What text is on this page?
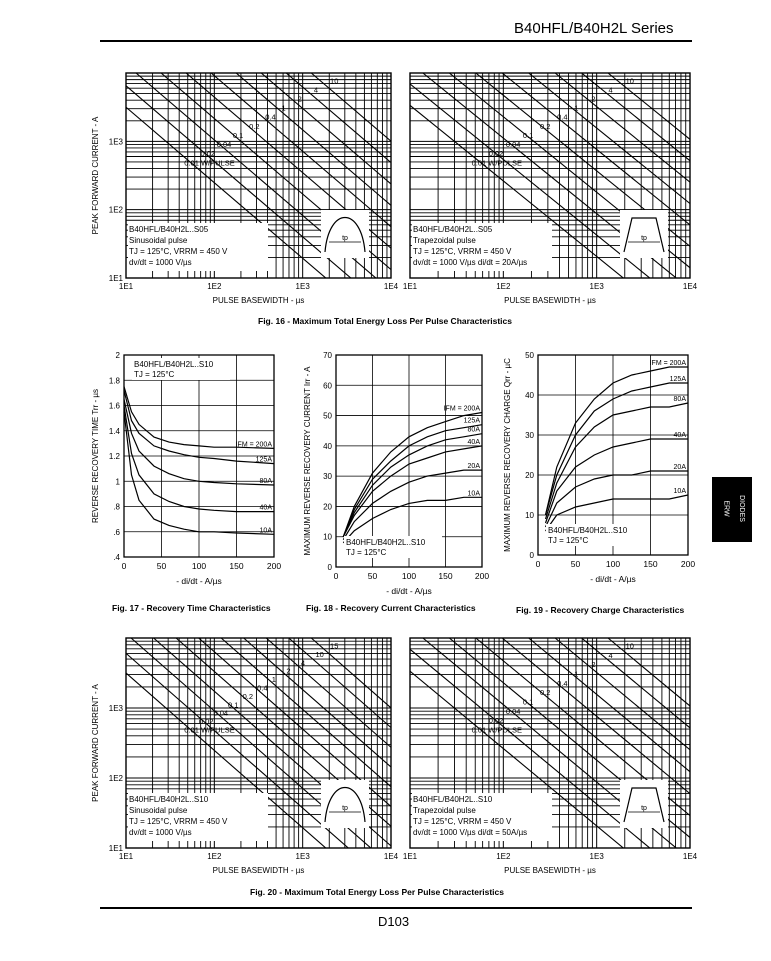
B40HFL/B40H2L Series
0.01 W/PULSE
0.02
0.04
0.1
0.2
0.4
1
2
4
10
1E1	1E2	1E3	1E4
1E1
1E2
1E3
PULSE BASEWIDTH - µs
PEAK FORWARD CURRENT - A	B40HFL/B40H2L..S05
Sinusoidal pulse
TJ = 125°C, VRRM = 450 V
dv/dt = 1000 V/µs
tp
0.01 W/PULSE
0.02
0.04
0.1
0.2
0.4
1
2
4
10
1E1	1E2	1E3	1E4
PULSE BASEWIDTH - µs
B40HFL/B40H2L..S05
Trapezoidal pulse
TJ = 125°C, VRRM = 450 V
dv/dt = 1000 V/µs di/dt = 20A/µs
tp
Fig. 16 - Maximum Total Energy Loss Per Pulse Characteristics
IFM = 200A
125A
80A
40A
10A
0	50	100	150	200
2
1.8
1.6
1.4
1.2
1
.8
.6
.4
- di/dt - A/µs
REVERSE RECOVERY TIME Trr - µs
B40HFL/B40H2L..S10
TJ = 125°C
IFM = 200A
125A
80A
40A
20A
10A
0	50	100	150	200
0
10
20
30
40
50
60
70
- di/dt - A/µs
MAXIMUM REVERSE RECOVERY CURRENT Irr - A	B40HFL/B40H2L..S10
TJ = 125°C
IFM = 200A
125A
80A
40A
20A
10A
0	50	100	150	200
0
10
20
30
40
50
- di/dt - A/µs
MAXIMUM REVERSE RECOVERY CHARGE Qrr - µC	B40HFL/B40H2L..S10
TJ = 125°C
Fig. 17 - Recovery Time Characteristics	Fig. 18 - Recovery Current Characteristics	Fig. 19 - Recovery Charge Characteristics
ERW DIODES
0.01 W/PULSE
0.02
0.04
0.1
0.2
0.4
1
2
4
10
15
1E1	1E2	1E3	1E4
1E1
1E2
1E3
PULSE BASEWIDTH - µs
PEAK FORWARD CURRENT - A	B40HFL/B40H2L..S10
Sinusoidal pulse
TJ = 125°C, VRRM = 450 V
dv/dt = 1000 V/µs
tp
0.01 W/PULSE
0.02
0.04
0.1
0.2
0.4
1
2
4
10
1E1	1E2	1E3	1E4
PULSE BASEWIDTH - µs
B40HFL/B40H2L..S10
Trapezoidal pulse
TJ = 125°C, VRRM = 450 V
dv/dt = 1000 V/µs di/dt = 50A/µs
tp
Fig. 20 - Maximum Total Energy Loss Per Pulse Characteristics
D103
